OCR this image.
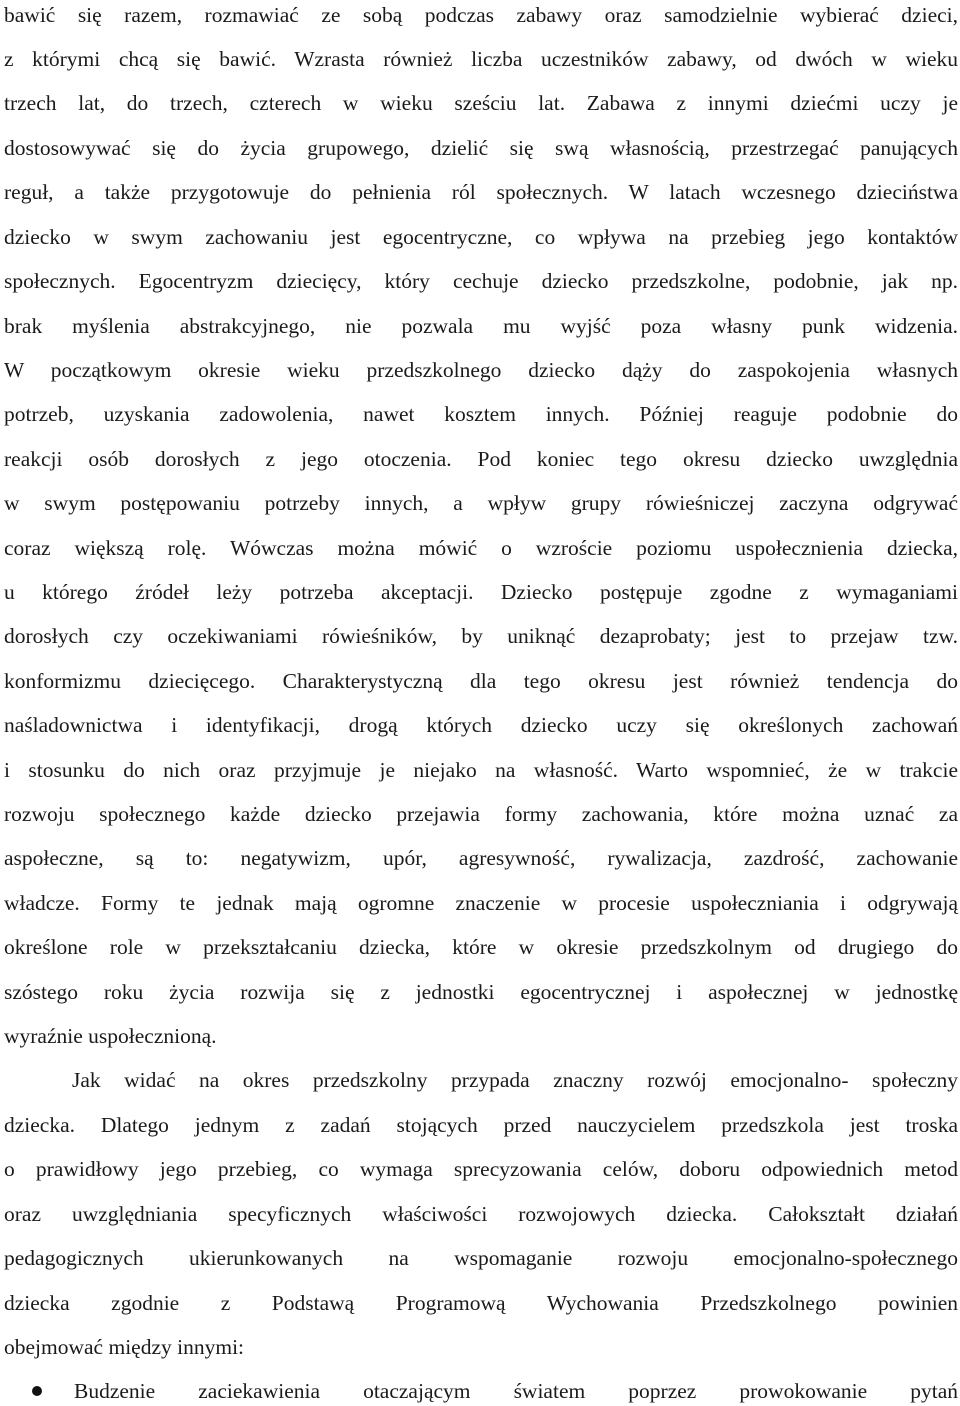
bawić się razem, rozmawiać ze sobą podczas zabawy oraz samodzielnie wybierać dzieci,
z którymi chcą się bawić. Wzrasta również liczba uczestników zabawy, od dwóch w wieku
trzech lat, do trzech, czterech w wieku sześciu lat. Zabawa z innymi dziećmi uczy je
dostosowywać się do życia grupowego, dzielić się swą własnością, przestrzegać panujących
reguł, a także przygotowuje do pełnienia ról społecznych. W latach wczesnego dzieciństwa
dziecko w swym zachowaniu jest egocentryczne, co wpływa na przebieg jego kontaktów
społecznych. Egocentryzm dziecięcy, który cechuje dziecko przedszkolne, podobnie, jak np.
brak myślenia abstrakcyjnego, nie pozwala mu wyjść poza własny punk widzenia.
W początkowym okresie wieku przedszkolnego dziecko dąży do zaspokojenia własnych
potrzeb, uzyskania zadowolenia, nawet kosztem innych. Później reaguje podobnie do
reakcji osób dorosłych z jego otoczenia. Pod koniec tego okresu dziecko uwzględnia
w swym postępowaniu potrzeby innych, a wpływ grupy rówieśniczej zaczyna odgrywać
coraz większą rolę. Wówczas można mówić o wzroście poziomu uspołecznienia dziecka,
u którego źródeł leży potrzeba akceptacji. Dziecko postępuje zgodne z wymaganiami
dorosłych czy oczekiwaniami rówieśników, by uniknąć dezaprobaty; jest to przejaw tzw.
konformizmu dziecięcego. Charakterystyczną dla tego okresu jest również tendencja do
naśladownictwa i identyfikacji, drogą których dziecko uczy się określonych zachowań
i stosunku do nich oraz przyjmuje je niejako na własność. Warto wspomnieć, że w trakcie
rozwoju społecznego każde dziecko przejawia formy zachowania, które można uznać za
aspołeczne, są to: negatywizm, upór, agresywność, rywalizacja, zazdrość, zachowanie
władcze. Formy te jednak mają ogromne znaczenie w procesie uspołeczniania i odgrywają
określone role w przekształcaniu dziecka, które w okresie przedszkolnym od drugiego do
szóstego roku życia rozwija się z jednostki egocentrycznej i aspołecznej w jednostkę
wyraźnie uspołecznioną.
Jak widać na okres przedszkolny przypada znaczny rozwój emocjonalno- społeczny
dziecka. Dlatego jednym z zadań stojących przed nauczycielem przedszkola jest troska
o prawidłowy jego przebieg, co wymaga sprecyzowania celów, doboru odpowiednich metod
oraz uwzględniania specyficznych właściwości rozwojowych dziecka. Całokształt działań
pedagogicznych ukierunkowanych na wspomaganie rozwoju emocjonalno-społecznego
dziecka zgodnie z Podstawą Programową Wychowania Przedszkolnego powinien
obejmować między innymi:
Budzenie zaciekawienia otaczającym światem poprzez prowokowanie pytań
